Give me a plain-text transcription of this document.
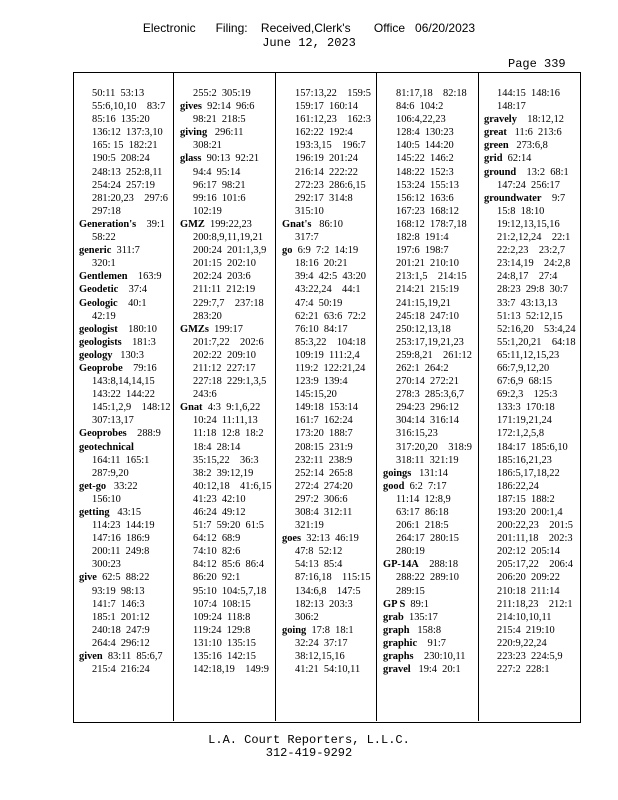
Electronic      Filing:    Received,Clerk's       Office   06/20/2023
June 12, 2023
Page 339
50:11  53:13
55:6,10,10    83:7
85:16  135:20
136:12  137:3,10
165: 15  182:21
190:5  208:24
248:13  252:8,11
254:24  257:19
281:20,23    297:6
297:18
Generation's    39:1
58:22
generic  311:7
320:1
Gentlemen    163:9
Geodetic    37:4
Geologic    40:1
42:19
geologist    180:10
geologists    181:3
geology   130:3
Geoprobe    79:16
143:8,14,14,15
143:22  144:22
145:1,2,9    148:12
307:13,17
Geoprobes    288:9
geotechnical
164:11  165:1
287:9,20
get-go   33:22
156:10
getting   43:15
114:23  144:19
147:16  186:9
200:11  249:8
300:23
give  62:5  88:22
93:19  98:13
141:7  146:3
185:1  201:12
240:18  247:9
264:4  296:12
given  83:11  85:6,7
215:4  216:24
255:2  305:19
gives  92:14  96:6
98:21  218:5
giving   296:11
308:21
glass  90:13  92:21
94:4  95:14
96:17  98:21
99:16  101:6
102:19
GMZ  199:22,23
200:8,9,11,19,21
200:24  201:1,3,9
201:15  202:10
202:24  203:6
211:11  212:19
229:7,7    237:18
283:20
GMZs  199:17
201:7,22    202:6
202:22  209:10
211:12  227:17
227:18  229:1,3,5
243:6
Gnat  4:3  9:1,6,22
10:24  11:11,13
11:18  12:8  18:2
18:4  28:14
35:15,22    36:3
38:2  39:12,19
40:12,18    41:6,15
41:23  42:10
46:24  49:12
51:7  59:20  61:5
64:12  68:9
74:10  82:6
84:12  85:6  86:4
86:20  92:1
95:10  104:5,7,18
107:4  108:15
109:24  118:8
119:24  129:8
131:10  135:15
135:16  142:15
142:18,19    149:9
157:13,22    159:5
159:17  160:14
161:12,23    162:3
162:22  192:4
193:3,15    196:7
196:19  201:24
216:14  222:22
272:23  286:6,15
292:17  314:8
315:10
Gnat's   86:10
317:7
go  6:9  7:2  14:19
18:16  20:21
39:4  42:5  43:20
43:22,24    44:1
47:4  50:19
62:21  63:6  72:2
76:10  84:17
85:3,22    104:18
109:19  111:2,4
119:2  122:21,24
123:9  139:4
145:15,20
149:18  153:14
161:7  162:24
173:20  188:7
208:15  231:9
232:11  238:9
252:14  265:8
272:4  274:20
297:2  306:6
308:4  312:11
321:19
goes  32:13  46:19
47:8  52:12
54:13  85:4
87:16,18    115:15
134:6,8    147:5
182:13  203:3
306:2
going  17:8  18:1
32:24  37:17
38:12,15,16
41:21  54:10,11
81:17,18    82:18
84:6  104:2
106:4,22,23
128:4  130:23
140:5  144:20
145:22  146:2
148:22  152:3
153:24  155:13
156:12  163:6
167:23  168:12
168:12  178:7,18
182:8  191:4
197:6  198:7
201:21  210:10
213:1,5    214:15
214:21  215:19
241:15,19,21
245:18  247:10
250:12,13,18
253:17,19,21,23
259:8,21    261:12
262:1  264:2
270:14  272:21
278:3  285:3,6,7
294:23  296:12
304:14  316:14
316:15,23
317:20,20    318:9
318:11  321:19
goings   131:14
good  6:2  7:17
11:14  12:8,9
63:17  86:18
206:1  218:5
264:17  280:15
280:19
GP-14A    288:18
288:22  289:10
289:15
GP S  89:1
grab  135:17
graph   158:8
graphic    91:7
graphs    230:10,11
gravel   19:4  20:1
144:15  148:16
148:17
gravely    18:12,12
great   11:6  213:6
green   273:6,8
grid  62:14
ground    13:2  68:1
147:24  256:17
groundwater    9:7
15:8  18:10
19:12,13,15,16
21:2,12,24    22:1
22:2,23    23:2,7
23:14,19    24:2,8
24:8,17    27:4
28:23  29:8  30:7
33:7  43:13,13
51:13  52:12,15
52:16,20    53:4,24
55:1,20,21    64:18
65:11,12,15,23
66:7,9,12,20
67:6,9  68:15
69:2,3    125:3
133:3  170:18
171:19,21,24
172:1,2,5,8
184:17  185:6,10
185:16,21,23
186:5,17,18,22
186:22,24
187:15  188:2
193:20  200:1,4
200:22,23    201:5
201:11,18    202:3
202:12  205:14
205:17,22    206:4
206:20  209:22
210:18  211:14
211:18,23    212:1
214:10,10,11
215:4  219:10
220:9,22,24
223:23  224:5,9
227:2  228:1
L.A. Court Reporters, L.L.C.
312-419-9292
